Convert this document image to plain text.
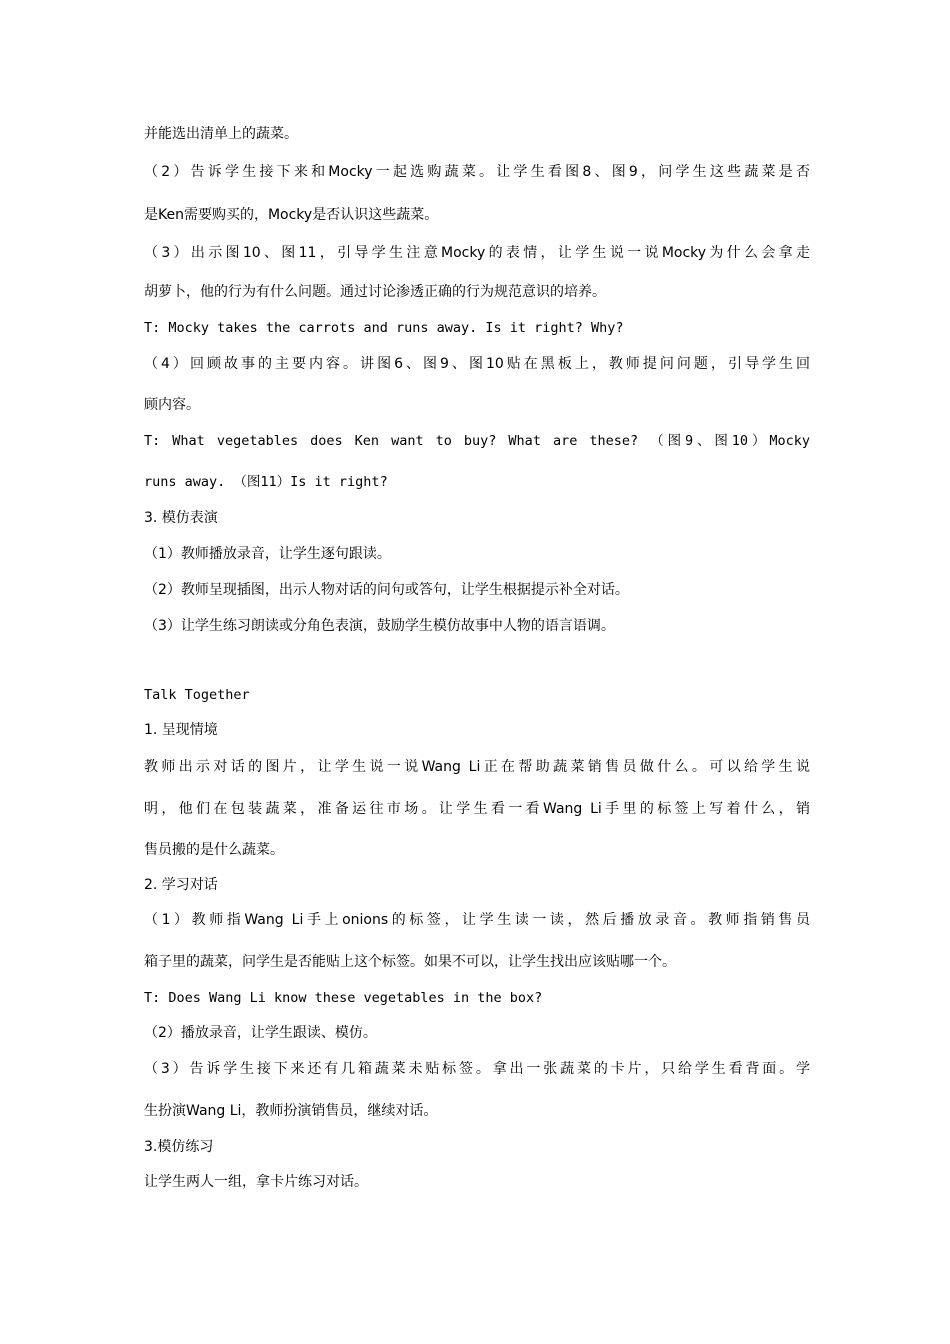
并能选出清单上的蔬菜。
（2）告诉学生接下来和Mocky一起选购蔬菜。让学生看图8、图9，问学生这些蔬菜是否
是Ken需要购买的，Mocky是否认识这些蔬菜。
（3）出示图10、图11，引导学生注意Mocky的表情，让学生说一说Mocky为什么会拿走
胡萝卜，他的行为有什么问题。通过讨论渗透正确的行为规范意识的培养。
T: Mocky takes the carrots and runs away. Is it right? Why?
（4）回顾故事的主要内容。讲图6、图9、图10贴在黑板上，教师提问问题，引导学生回
顾内容。
T: What vegetables does Ken want to buy? What are these? （图9、图10）Mocky
runs away. （图11）Is it right?
3. 模仿表演
（1）教师播放录音，让学生逐句跟读。
（2）教师呈现插图，出示人物对话的问句或答句，让学生根据提示补全对话。
（3）让学生练习朗读或分角色表演，鼓励学生模仿故事中人物的语言语调。
Talk Together
1. 呈现情境
教师出示对话的图片，让学生说一说Wang Li正在帮助蔬菜销售员做什么。可以给学生说
明，他们在包装蔬菜，准备运往市场。让学生看一看Wang Li手里的标签上写着什么，销
售员搬的是什么蔬菜。
2. 学习对话
（1）教师指Wang Li手上onions的标签，让学生读一读，然后播放录音。教师指销售员
箱子里的蔬菜，问学生是否能贴上这个标签。如果不可以，让学生找出应该贴哪一个。
T: Does Wang Li know these vegetables in the box?
（2）播放录音，让学生跟读、模仿。
（3）告诉学生接下来还有几箱蔬菜未贴标签。拿出一张蔬菜的卡片，只给学生看背面。学
生扮演Wang Li，教师扮演销售员，继续对话。
3.模仿练习
让学生两人一组，拿卡片练习对话。
